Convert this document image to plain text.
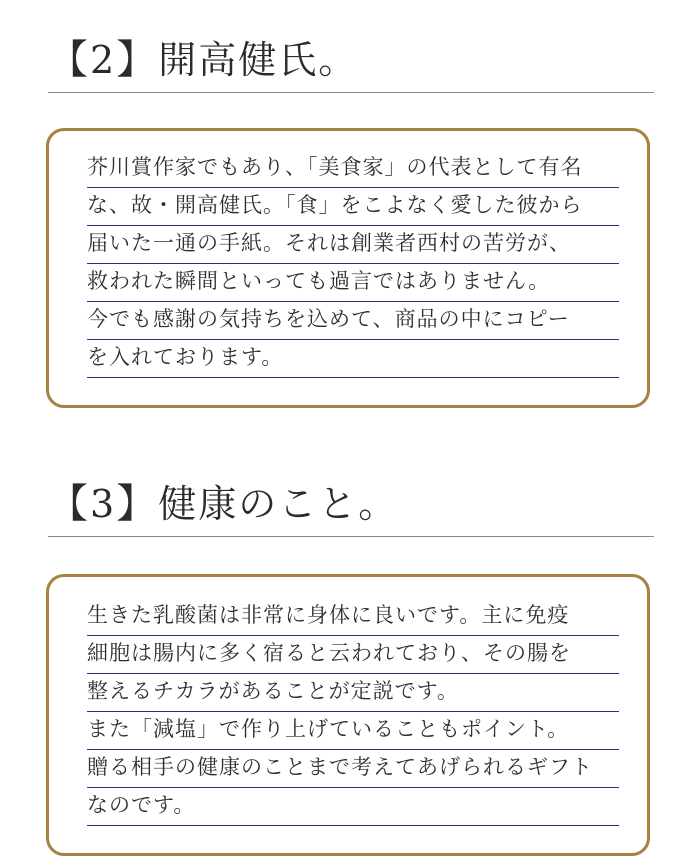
【2】開高健氏。
芥川賞作家でもあり、「美食家」の代表として有名
な、故・開高健氏。「食」をこよなく愛した彼から
届いた一通の手紙。それは創業者西村の苦労が、
救われた瞬間といっても過言ではありません。
今でも感謝の気持ちを込めて、商品の中にコピー
を入れております。
【3】健康のこと。
生きた乳酸菌は非常に身体に良いです。主に免疫
細胞は腸内に多く宿ると云われており、その腸を
整えるチカラがあることが定説です。
また「減塩」で作り上げていることもポイント。
贈る相手の健康のことまで考えてあげられるギフト
なのです。
